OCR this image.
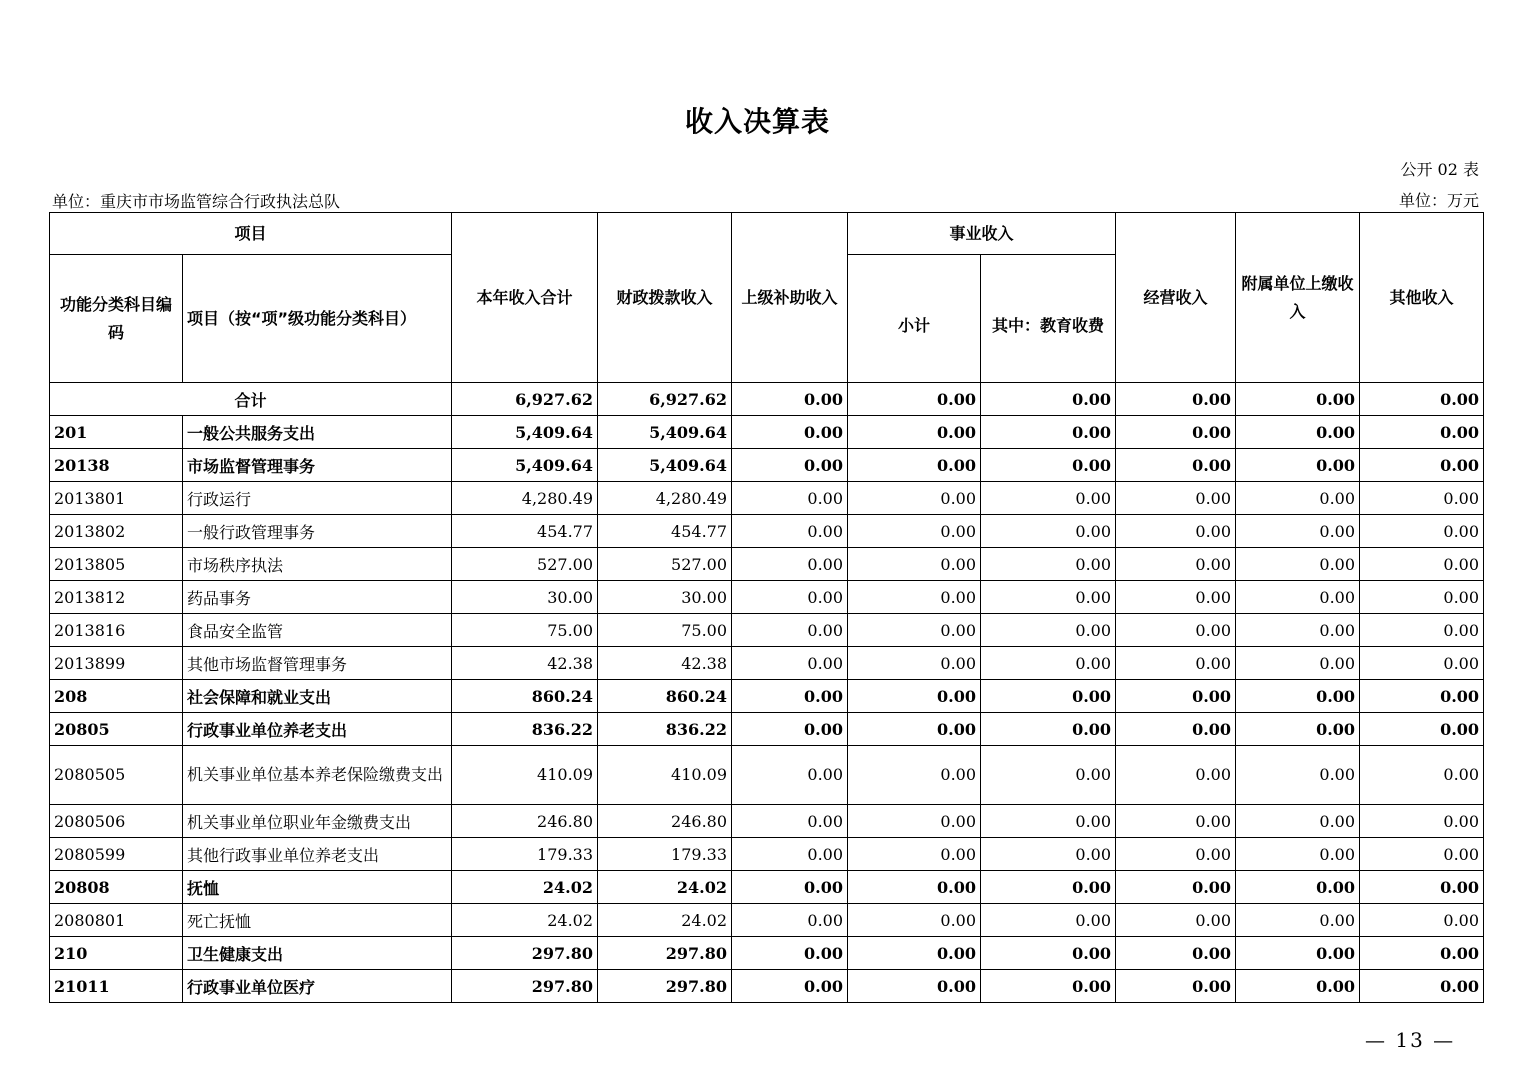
收入决算表
公开 02 表
单位：重庆市市场监管综合行政执法总队	单位：万元
项目		本年收入合计	财政拨款收入	上级补助收入	事业收入		经营收入	附属单位上缴收入	其他收入
功能分类科目编码	项目（按“项”级功能分类科目）				小计	其中：教育收费			
合计		6,927.62	6,927.62	0.00	0.00	0.00	0.00	0.00	0.00
201	一般公共服务支出	5,409.64	5,409.64	0.00	0.00	0.00	0.00	0.00	0.00
20138	市场监督管理事务	5,409.64	5,409.64	0.00	0.00	0.00	0.00	0.00	0.00
2013801	行政运行	4,280.49	4,280.49	0.00	0.00	0.00	0.00	0.00	0.00
2013802	一般行政管理事务	454.77	454.77	0.00	0.00	0.00	0.00	0.00	0.00
2013805	市场秩序执法	527.00	527.00	0.00	0.00	0.00	0.00	0.00	0.00
2013812	药品事务	30.00	30.00	0.00	0.00	0.00	0.00	0.00	0.00
2013816	食品安全监管	75.00	75.00	0.00	0.00	0.00	0.00	0.00	0.00
2013899	其他市场监督管理事务	42.38	42.38	0.00	0.00	0.00	0.00	0.00	0.00
208	社会保障和就业支出	860.24	860.24	0.00	0.00	0.00	0.00	0.00	0.00
20805	行政事业单位养老支出	836.22	836.22	0.00	0.00	0.00	0.00	0.00	0.00
2080505	机关事业单位基本养老保险缴费支出	410.09	410.09	0.00	0.00	0.00	0.00	0.00	0.00
2080506	机关事业单位职业年金缴费支出	246.80	246.80	0.00	0.00	0.00	0.00	0.00	0.00
2080599	其他行政事业单位养老支出	179.33	179.33	0.00	0.00	0.00	0.00	0.00	0.00
20808	抚恤	24.02	24.02	0.00	0.00	0.00	0.00	0.00	0.00
2080801	死亡抚恤	24.02	24.02	0.00	0.00	0.00	0.00	0.00	0.00
210	卫生健康支出	297.80	297.80	0.00	0.00	0.00	0.00	0.00	0.00
21011	行政事业单位医疗	297.80	297.80	0.00	0.00	0.00	0.00	0.00	0.00
— 13 —
